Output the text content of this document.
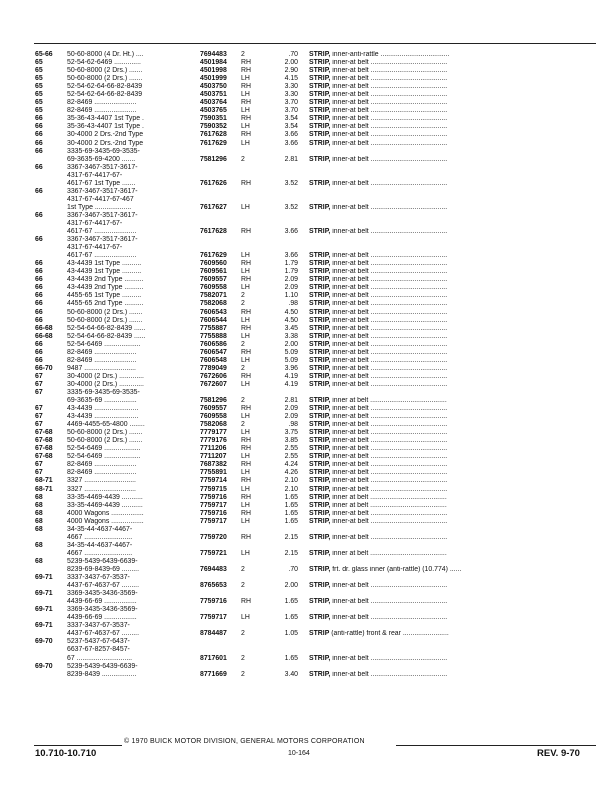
65-66	50-60-8000 (4 Dr. Ht.) ....	7694483	2	.70 STRIP, inner-anti-rattle ....................................
65	52-54-62-6469 ..............	4501984	RH	2.00 STRIP, inner-at belt ........................................
65	50-60-8000 (2 Drs.) .......	4501998	RH	2.90 STRIP, inner-at belt ........................................
65	50-60-8000 (2 Drs.) .......	4501999	LH	4.15 STRIP, inner-at belt ........................................
65	52-54-62-64-66-82-8439	4503750	RH	3.30 STRIP, inner-at belt ........................................
65	52-54-62-64-66-82-8439	4503751	LH	3.30 STRIP, inner-at belt ........................................
65	82-8469 ......................	4503764	RH	3.70 STRIP, inner-at belt ........................................
65	82-8469 ......................	4503765	LH	3.70 STRIP, inner-at belt ........................................
66	35-36-43-4407 1st Type .	7590351	RH	3.54 STRIP, inner-at belt ........................................
66	35-36-43-4407 1st Type .	7590352	LH	3.54 STRIP, inner-at belt ........................................
66	30-4000 2 Drs.-2nd Type	7617628	RH	3.66 STRIP, inner-at belt ........................................
66	30-4000 2 Drs.-2nd Type	7617629	LH	3.66 STRIP, inner-at belt ........................................
66	3335-69-3435-69-3535-
69-3635-69-4200 .......	7581296	2	2.81 STRIP, inner-at belt ........................................
66	3367-3467-3517-3617-
4317-67-4417-67-
4617-67 1st Type .......	7617626	RH	3.52 STRIP, inner-at belt ........................................
66	3367-3467-3517-3617-
4317-67-4417-67-467
1st Type ...................	7617627	LH	3.52 STRIP, inner-at belt ........................................
66	3367-3467-3517-3617-
4317-67-4417-67-
4617-67 ......................	7617628	RH	3.66 STRIP, inner-at belt ........................................
66	3367-3467-3517-3617-
4317-67-4417-67-
4617-67 ......................	7617629	LH	3.66 STRIP, inner-at belt ........................................
66	43-4439 1st Type ..........	7609560	RH	1.79 STRIP, inner-at belt ........................................
66	43-4439 1st Type ..........	7609561	LH	1.79 STRIP, inner-at belt ........................................
66	43-4439 2nd Type ..........	7609557	RH	2.09 STRIP, inner-at belt ........................................
66	43-4439 2nd Type ..........	7609558	LH	2.09 STRIP, inner-at belt ........................................
66	4455-65 1st Type ..........	7582071	2	1.10 STRIP, inner-at belt ........................................
66	4455-65 2nd Type ..........	7582068	2	.98 STRIP, inner-at belt ........................................
66	50-60-8000 (2 Drs.) .......	7606543	RH	4.50 STRIP, inner-at belt ........................................
66	50-60-8000 (2 Drs.) .......	7606544	LH	4.50 STRIP, inner-at belt ........................................
66-68	52-54-64-66-82-8439 ......	7755887	RH	3.45 STRIP, inner-at belt ........................................
66-68	52-54-64-66-82-8439 ......	7755888	LH	3.38 STRIP, inner-at belt ........................................
66	52-54-6469 ...................	7606586	2	2.00 STRIP, inner-at belt ........................................
66	82-8469 ......................	7606547	RH	5.09 STRIP, inner-at belt ........................................
66	82-8469 ......................	7606548	LH	5.09 STRIP, inner-at belt ........................................
66-70	9487 ...........................	7789049	2	3.96 STRIP, inner-at belt ........................................
67	30-4000 (2 Drs.) .............	7672606	RH	4.19 STRIP, inner-at belt ........................................
67	30-4000 (2 Drs.) .............	7672607	LH	4.19 STRIP, inner-at belt ........................................
67	3335-69-3435-69-3535-
69-3635-69 .................	7581296	2	2.81 STRIP, inner at belt ........................................
67	43-4439 .......................	7609557	RH	2.09 STRIP, inner-at belt ........................................
67	43-4439 .......................	7609558	LH	2.09 STRIP, inner-at belt ........................................
67	4469-4455-65-4800 ........	7582068	2	.98 STRIP, inner-at belt ........................................
67-68	50-60-8000 (2 Drs.) .......	7779177	LH	3.75 STRIP, inner-at belt ........................................
67-68	50-60-8000 (2 Drs.) .......	7779176	RH	3.85 STRIP, inner-at belt ........................................
67-68	52-54-6469 ...................	7711206	RH	2.55 STRIP, inner-at belt ........................................
67-68	52-54-6469 ...................	7711207	LH	2.55 STRIP, inner-at belt ........................................
67	82-8469 ......................	7687382	RH	4.24 STRIP, inner-at belt ........................................
67	82-8469 ......................	7755891	LH	4.26 STRIP, inner-at belt ........................................
68-71	3327 ...........................	7759714	RH	2.10 STRIP, inner-at belt ........................................
68-71	3327 ...........................	7759715	LH	2.10 STRIP, inner-at belt ........................................
68	33-35-4469-4439 ...........	7759716	RH	1.65 STRIP, inner at belt ........................................
68	33-35-4469-4439 ...........	7759717	LH	1.65 STRIP, inner at belt ........................................
68	4000 Wagons .................	7759716	RH	1.65 STRIP, inner-at belt ........................................
68	4000 Wagons .................	7759717	LH	1.65 STRIP, inner-at belt ........................................
68	34-35-44-4637-4467-
4667 .........................	7759720	RH	2.15 STRIP, inner-at belt ........................................
68	34-35-44-4637-4467-
4667 .........................	7759721	LH	2.15 STRIP, inner at belt ........................................
68	5239-5439-6439-6639-
8239-69-8439-69 .........	7694483	2	.70 STRIP, frt. dr. glass inner (anti-rattle) (10.774) ......
69-71	3337-3437-67-3537-
4437-67-4637-67 .........	8765653	2	2.00 STRIP, inner-at belt ........................................
69-71	3369-3435-3436-3569-
4439-66-69 .................	7759716	RH	1.65 STRIP, inner-at belt ........................................
69-71	3369-3435-3436-3569-
4439-66-69 .................	7759717	LH	1.65 STRIP, inner-at belt ........................................
69-71	3337-3437-67-3537-
4437-67-4637-67 .........	8784487	2	1.05 STRIP (anti-rattle) front & rear ........................
69-70	5237-5437-67-6437-
6637-67-8257-8457-
67 .............................	8717601	2	1.65 STRIP, inner-at belt ........................................
69-70	5239-5439-6439-6639-
8239-8439 ..................	8771669	2	3.40 STRIP, inner-at belt ........................................
© 1970 BUICK MOTOR DIVISION, GENERAL MOTORS CORPORATION
10.710-10.710	10-164	REV. 9-70
